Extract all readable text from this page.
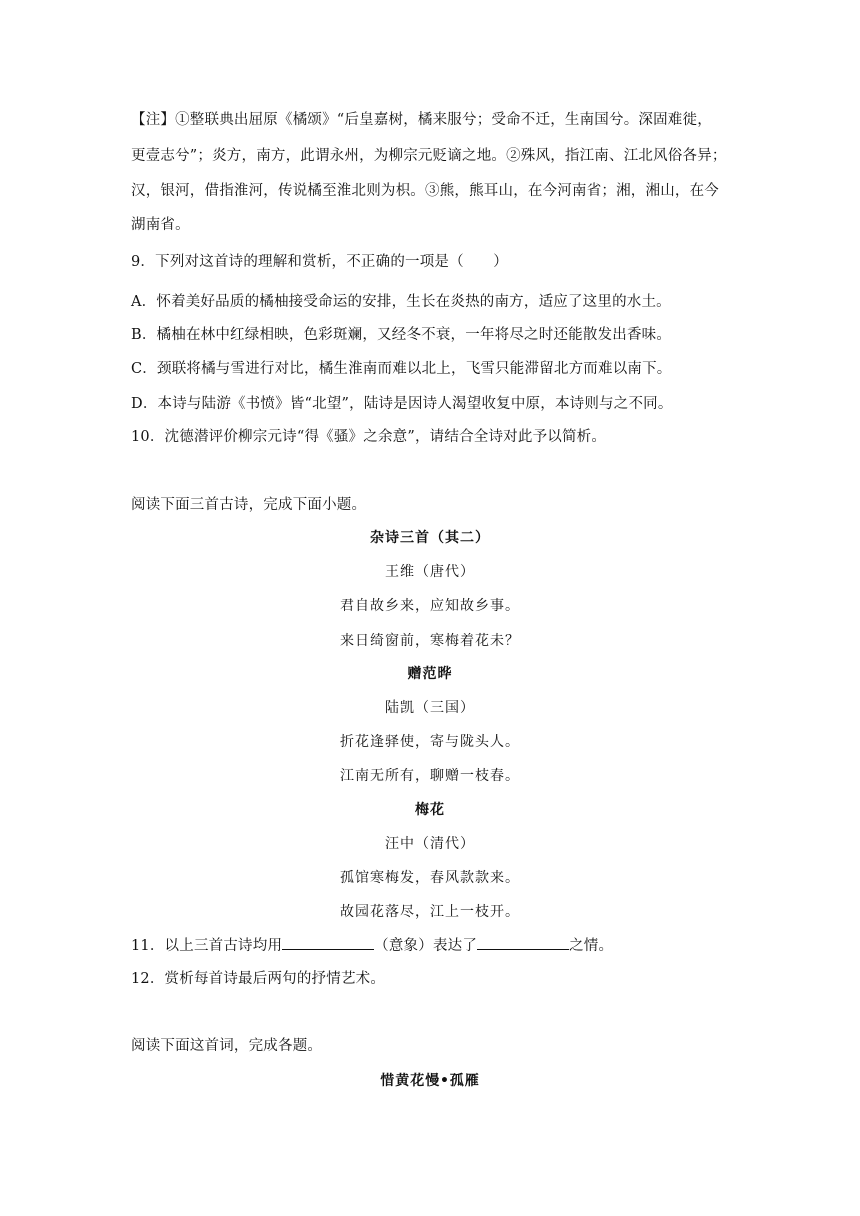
【注】①整联典出屈原《橘颂》“后皇嘉树，橘来服兮；受命不迁，生南国兮。深固难徙，
更壹志兮”；炎方，南方，此谓永州，为柳宗元贬谪之地。②殊风，指江南、江北风俗各异；
汉，银河，借指淮河，传说橘至淮北则为枳。③熊，熊耳山，在今河南省；湘，湘山，在今
湖南省。
9．下列对这首诗的理解和赏析，不正确的一项是（　　）
A．怀着美好品质的橘柚接受命运的安排，生长在炎热的南方，适应了这里的水土。
B．橘柚在林中红绿相映，色彩斑斓，又经冬不衰，一年将尽之时还能散发出香味。
C．颈联将橘与雪进行对比，橘生淮南而难以北上，飞雪只能滞留北方而难以南下。
D．本诗与陆游《书愤》皆“北望”，陆诗是因诗人渴望收复中原，本诗则与之不同。
10．沈德潜评价柳宗元诗“得《骚》之余意”，请结合全诗对此予以简析。
阅读下面三首古诗，完成下面小题。
杂诗三首（其二）
王维（唐代）
君自故乡来，应知故乡事。
来日绮窗前，寒梅着花未？
赠范晔
陆凯（三国）
折花逢驿使，寄与陇头人。
江南无所有，聊赠一枝春。
梅花
汪中（清代）
孤馆寒梅发，春风款款来。
故园花落尽，江上一枝开。
11．以上三首古诗均用	（意象）表达了	之情。
12．赏析每首诗最后两句的抒情艺术。
阅读下面这首词，完成各题。
惜黄花慢•孤雁
